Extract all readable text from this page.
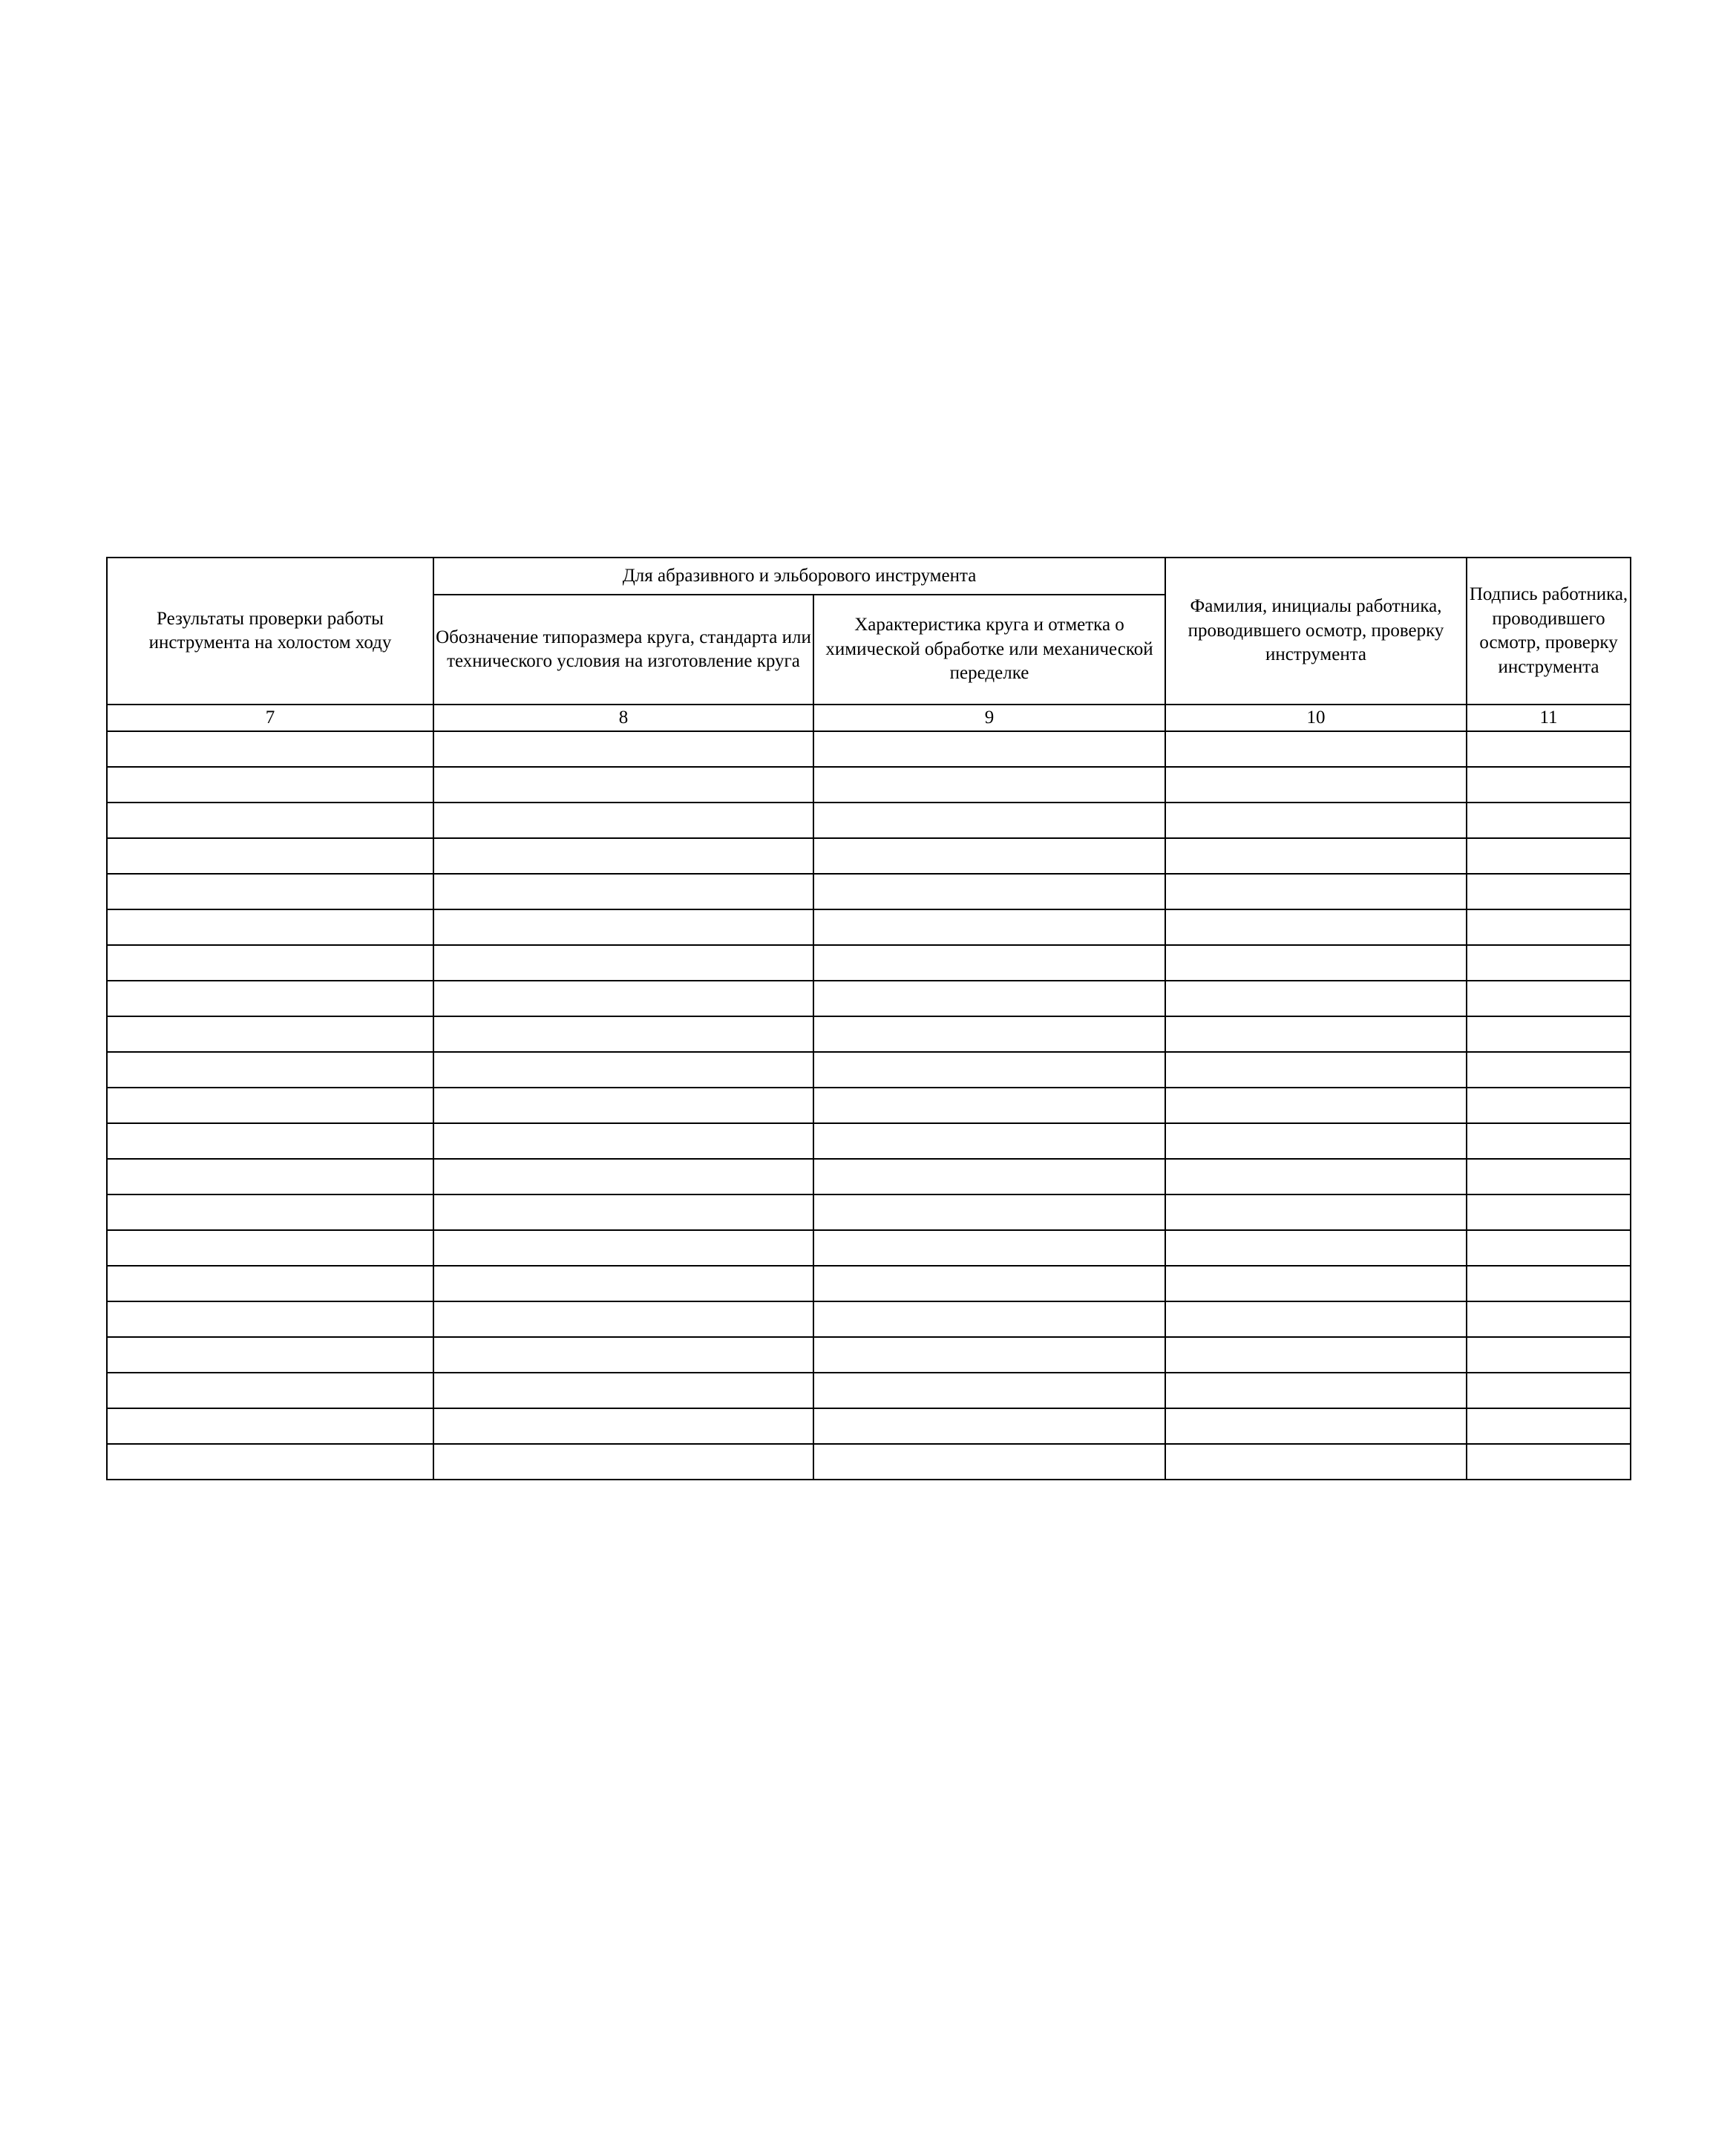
Результаты проверки работы инструмента на холостом ходу	Для абразивного и эльборового инструмента		Фамилия, инициалы работника, проводившего осмотр, проверку инструмента	Подпись работника, проводившего осмотр, проверку инструмента
	Обозначение типоразмера круга, стандарта или технического условия на изготовление круга	Характеристика круга и отметка о химической обработке или механической переделке		
7	8	9	10	11
